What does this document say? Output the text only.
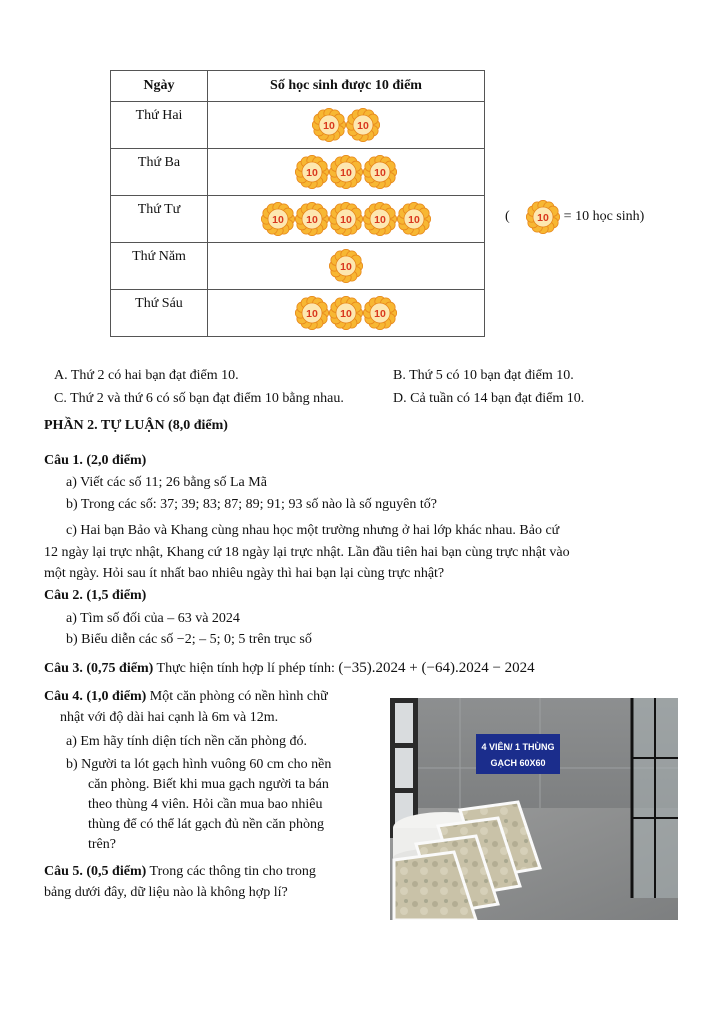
Ngày	Số học sinh được 10 điểm
Thứ Hai	10 10

Thứ Ba	10 10 10

Thứ Tư	10 10 10 10 10

Thứ Năm	10

Thứ Sáu	10 10 10
(	10 = 10 học sinh)
A. Thứ 2 có hai bạn đạt điểm 10.	B. Thứ 5 có 10 bạn đạt điểm 10.
C. Thứ 2 và thứ 6 có số bạn đạt điểm 10 bằng nhau.	D. Cả tuần có 14 bạn đạt điểm 10.
PHẦN 2. TỰ LUẬN (8,0 điểm)
Câu 1. (2,0 điểm)
a) Viết các số 11; 26 bằng số La Mã
b) Trong các số: 37; 39; 83; 87; 89; 91; 93 số nào là số nguyên tố?
c) Hai bạn Bảo và Khang cùng nhau học một trường nhưng ở hai lớp khác nhau. Bảo cứ
12 ngày lại trực nhật, Khang cứ 18 ngày lại trực nhật. Lần đầu tiên hai bạn cùng trực nhật vào
một ngày. Hỏi sau ít nhất bao nhiêu ngày thì hai bạn lại cùng trực nhật?
Câu 2. (1,5 điểm)
a) Tìm số đối của – 63 và 2024
b) Biểu diễn các số −2; – 5; 0; 5 trên trục số
Câu 3. (0,75 điểm) Thực hiện tính hợp lí phép tính: (−35).2024 + (−64).2024 − 2024
Câu 4. (1,0 điểm) Một căn phòng có nền hình chữ
nhật với độ dài hai cạnh là 6m và 12m.
a) Em hãy tính diện tích nền căn phòng đó.
b) Người ta lót gạch hình vuông 60 cm cho nền
căn phòng. Biết khi mua gạch người ta bán
theo thùng 4 viên. Hỏi cần mua bao nhiêu
thùng để có thể lát gạch đủ nền căn phòng
trên?
Câu 5. (0,5 điểm) Trong các thông tin cho trong
bảng dưới đây, dữ liệu nào là không hợp lí?
4 VIÊN/ 1 THÙNG
GẠCH 60X60
